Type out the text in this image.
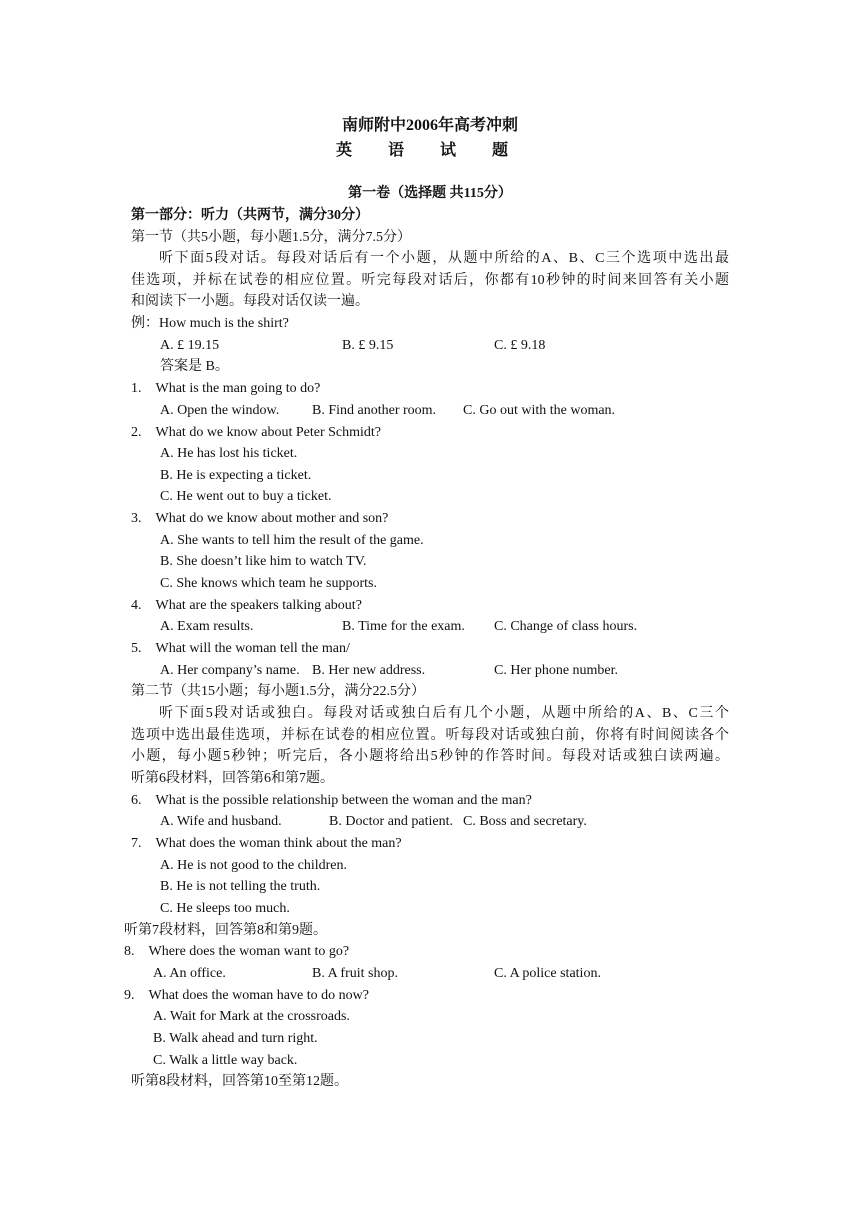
南师附中2006年高考冲刺
英 语 试 题
第一卷（选择题 共115分）
第一部分：听力（共两节，满分30分）
第一节（共5小题，每小题1.5分，满分7.5分）
听下面5段对话。每段对话后有一个小题，从题中所给的A、B、C三个选项中选出最
佳选项，并标在试卷的相应位置。听完每段对话后，你都有10秒钟的时间来回答有关小题
和阅读下一小题。每段对话仅读一遍。
例：How much is the shirt?
A. £ 19.15	B. £ 9.15	C. £ 9.18
答案是 B。
1. What is the man going to do?
A. Open the window. B. Find another room. C. Go out with the woman.
2. What do we know about Peter Schmidt?
A. He has lost his ticket.
B. He is expecting a ticket.
C. He went out to buy a ticket.
3. What do we know about mother and son?
A. She wants to tell him the result of the game.
B. She doesn’t like him to watch TV.
C. She knows which team he supports.
4. What are the speakers talking about?
A. Exam results.	B. Time for the exam. C. Change of class hours.
5. What will the woman tell the man/
A. Her company’s name. B. Her new address.	C. Her phone number.
第二节（共15小题；每小题1.5分，满分22.5分）
听下面5段对话或独白。每段对话或独白后有几个小题，从题中所给的A、B、C三个
选项中选出最佳选项，并标在试卷的相应位置。听每段对话或独白前，你将有时间阅读各个
小题，每小题5秒钟；听完后，各小题将给出5秒钟的作答时间。每段对话或独白读两遍。
听第6段材料，回答第6和第7题。
6. What is the possible relationship between the woman and the man?
A. Wife and husband.	B. Doctor and patient. C. Boss and secretary.
7. What does the woman think about the man?
A. He is not good to the children.
B. He is not telling the truth.
C. He sleeps too much.
听第7段材料，回答第8和第9题。
8. Where does the woman want to go?
A. An office.	B. A fruit shop.	C. A police station.
9. What does the woman have to do now?
A. Wait for Mark at the crossroads.
B. Walk ahead and turn right.
C. Walk a little way back.
听第8段材料，回答第10至第12题。
